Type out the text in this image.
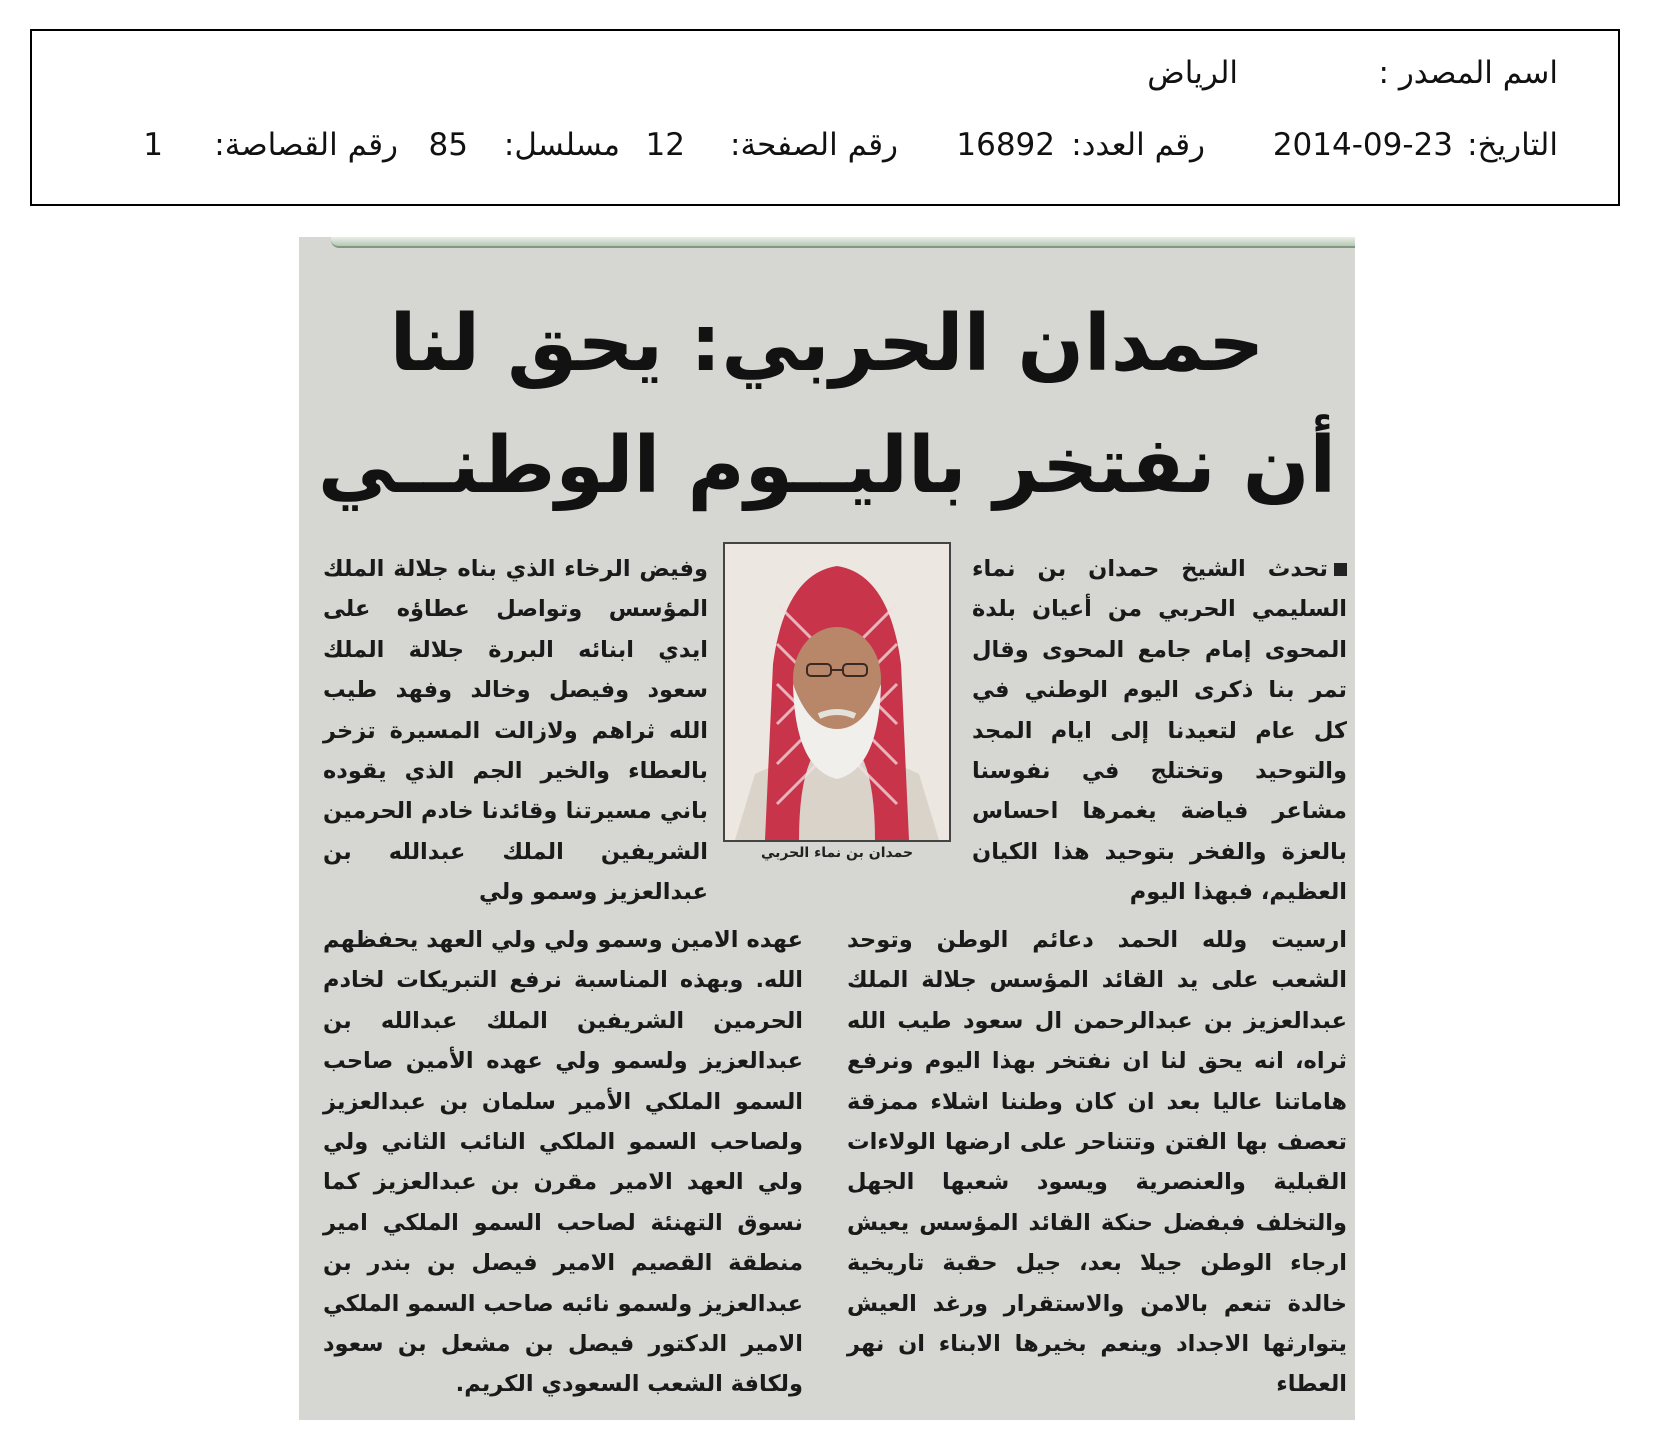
اسم المصدر :
الرياض
التاريخ:
2014-09-23
رقم العدد:
16892
رقم الصفحة:
12
مسلسل:
85
رقم القصاصة:
1
حمدان الحربي: يحق لنا
أن نفتخر باليــوم الوطنــي

تحدث الشيخ حمدان بن نماء السليمي الحربي من أعيان بلدة المحوى إمام جامع المحوى وقال تمر بنا ذكرى اليوم الوطني في كل عام لتعيدنا إلى ايام المجد والتوحيد وتختلج في نفوسنا مشاعر فياضة يغمرها احساس بالعزة والفخر بتوحيد هذا الكيان العظيم، فبهذا اليوم

وفيض الرخاء الذي بناه جلالة الملك المؤسس وتواصل عطاؤه على ايدي ابنائه البررة جلالة الملك سعود وفيصل وخالد وفهد طيب الله ثراهم ولازالت المسيرة تزخر بالعطاء والخير الجم الذي يقوده باني مسيرتنا وقائدنا خادم الحرمين الشريفين الملك عبدالله بن عبدالعزيز وسمو ولي

حمدان بن نماء الحربي

ارسيت ولله الحمد دعائم الوطن وتوحد الشعب على يد القائد المؤسس جلالة الملك عبدالعزيز بن عبدالرحمن ال سعود طيب الله ثراه، انه يحق لنا ان نفتخر بهذا اليوم ونرفع هاماتنا عاليا بعد ان كان وطننا اشلاء ممزقة تعصف بها الفتن وتتناحر على ارضها الولاءات القبلية والعنصرية ويسود شعبها الجهل والتخلف فبفضل حنكة القائد المؤسس يعيش ارجاء الوطن جيلا بعد، جيل حقبة تاريخية خالدة تنعم بالامن والاستقرار ورغد العيش يتوارثها الاجداد وينعم بخيرها الابناء ان نهر العطاء

عهده الامين وسمو ولي ولي العهد يحفظهم الله. وبهذه المناسبة نرفع التبريكات لخادم الحرمين الشريفين الملك عبدالله بن عبدالعزيز ولسمو ولي عهده الأمين صاحب السمو الملكي الأمير سلمان بن عبدالعزيز ولصاحب السمو الملكي النائب الثاني ولي ولي العهد الامير مقرن بن عبدالعزيز كما نسوق التهنئة لصاحب السمو الملكي امير منطقة القصيم الامير فيصل بن بندر بن عبدالعزيز ولسمو نائبه صاحب السمو الملكي الامير الدكتور فيصل بن مشعل بن سعود ولكافة الشعب السعودي الكريم.
